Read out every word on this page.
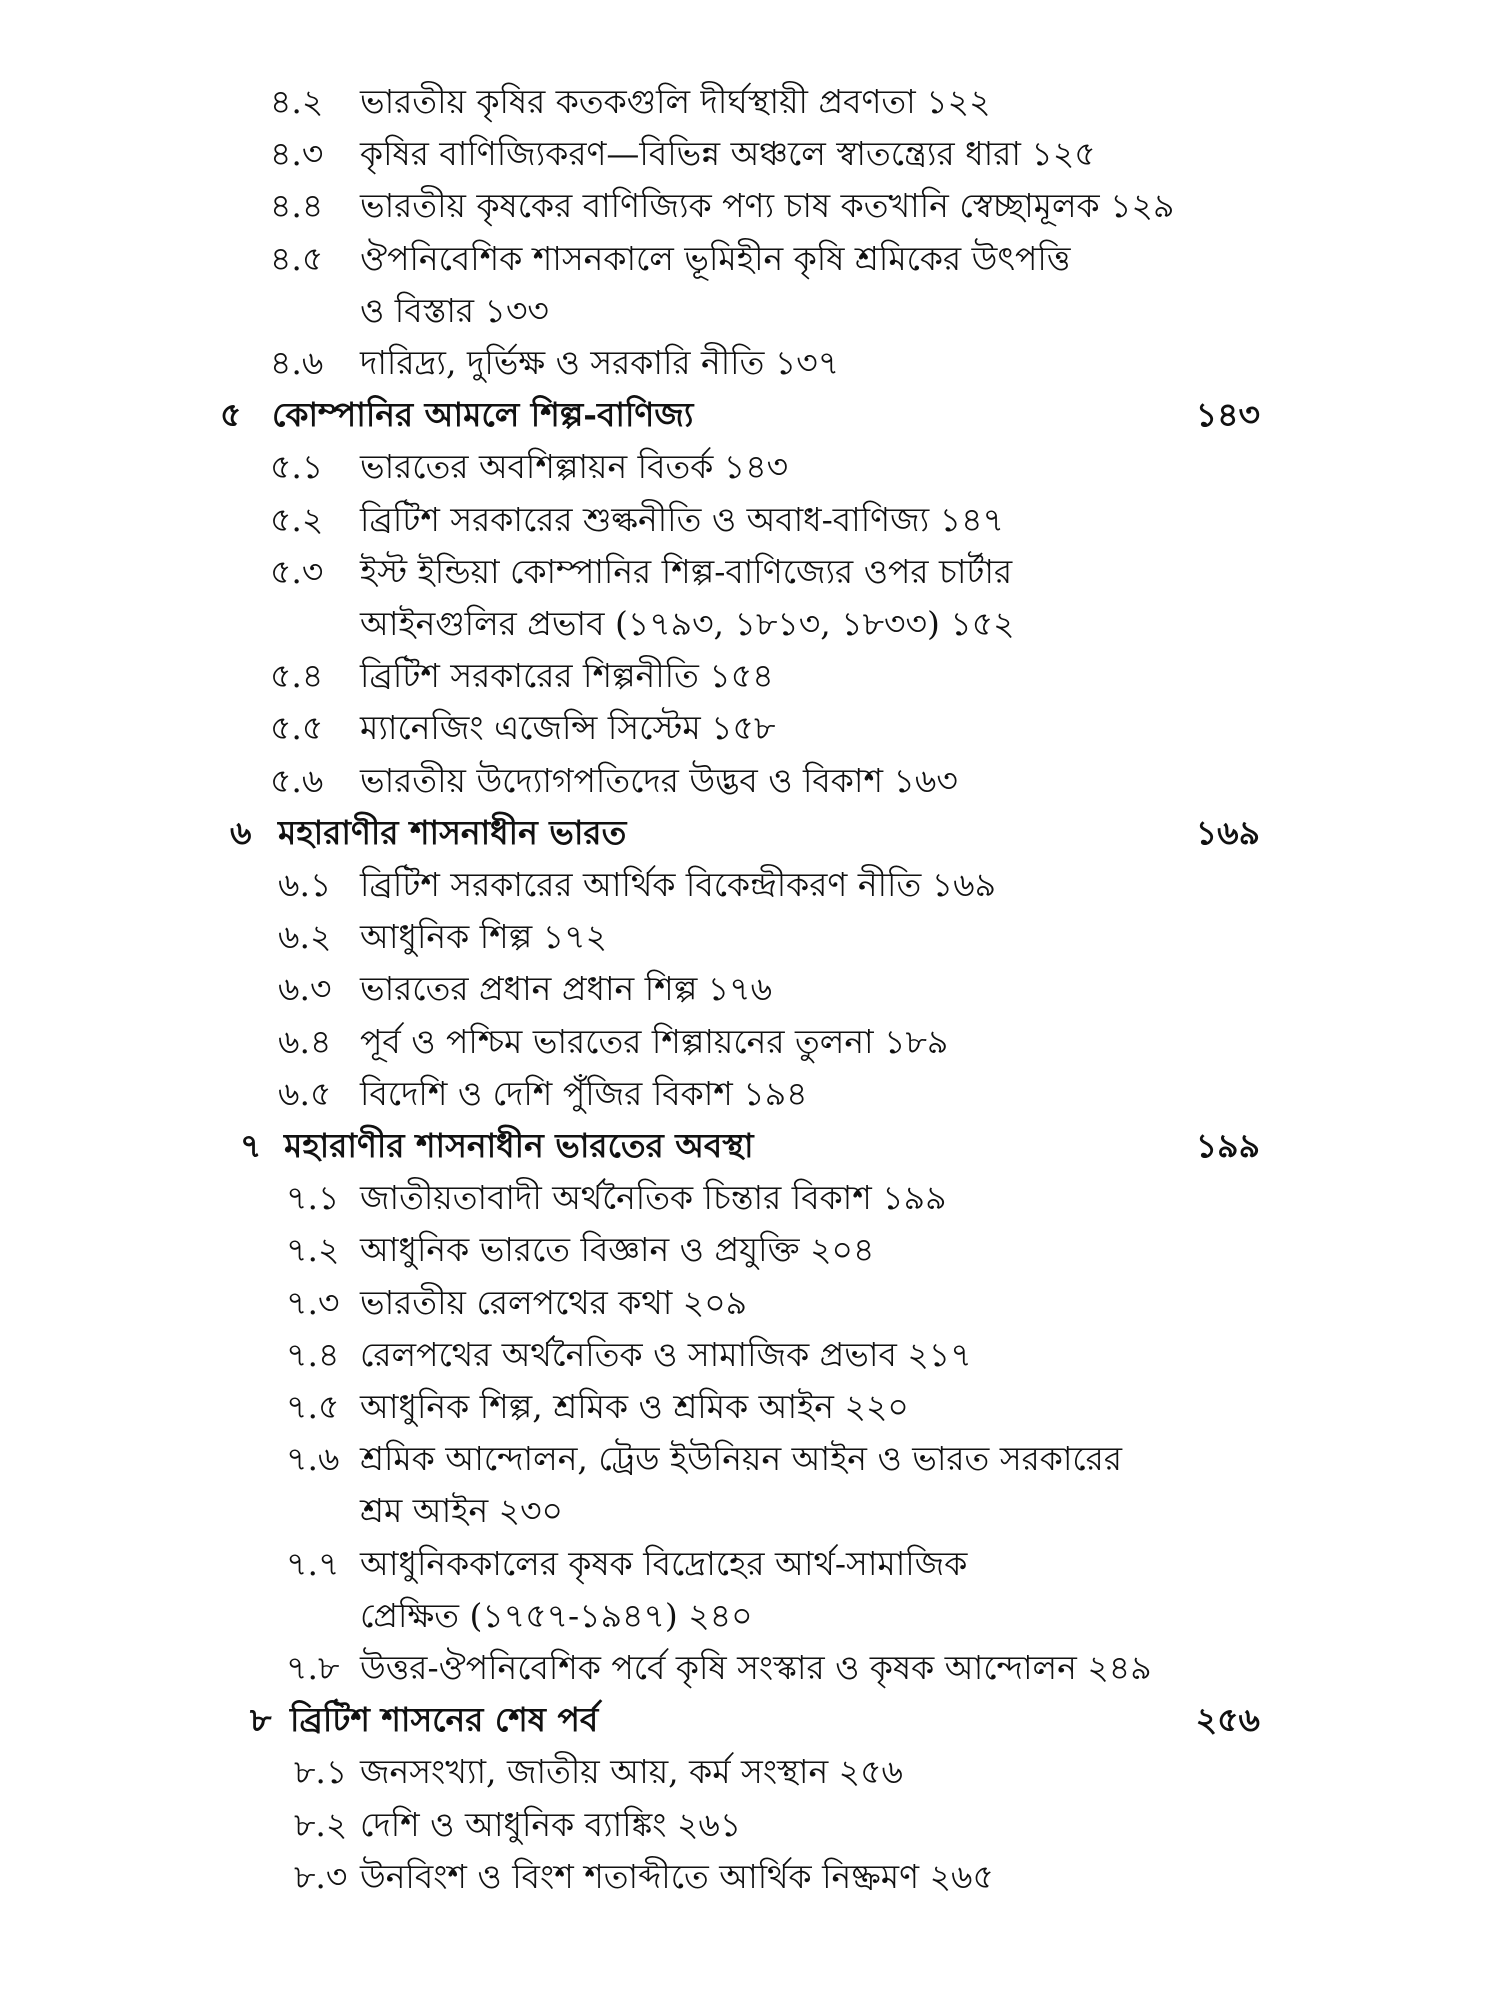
৪.২ ভারতীয় কৃষির কতকগুলি দীর্ঘস্থায়ী প্রবণতা ১২২
৪.৩ কৃষির বাণিজ্যিকরণ—বিভিন্ন অঞ্চলে স্বাতন্ত্র্যের ধারা ১২৫
৪.৪ ভারতীয় কৃষকের বাণিজ্যিক পণ্য চাষ কতখানি স্বেচ্ছামূলক ১২৯
৪.৫ ঔপনিবেশিক শাসনকালে ভূমিহীন কৃষি শ্রমিকের উৎপত্তি
ও বিস্তার ১৩৩
৪.৬ দারিদ্র্য, দুর্ভিক্ষ ও সরকারি নীতি ১৩৭
৫ কোম্পানির আমলে শিল্প-বাণিজ্য	১৪৩
৫.১ ভারতের অবশিল্পায়ন বিতর্ক ১৪৩
৫.২ ব্রিটিশ সরকারের শুল্কনীতি ও অবাধ-বাণিজ্য ১৪৭
৫.৩ ইস্ট ইন্ডিয়া কোম্পানির শিল্প-বাণিজ্যের ওপর চার্টার
আইনগুলির প্রভাব (১৭৯৩, ১৮১৩, ১৮৩৩) ১৫২
৫.৪ ব্রিটিশ সরকারের শিল্পনীতি ১৫৪
৫.৫ ম্যানেজিং এজেন্সি সিস্টেম ১৫৮
৫.৬ ভারতীয় উদ্যোগপতিদের উদ্ভব ও বিকাশ ১৬৩
৬ মহারাণীর শাসনাধীন ভারত	১৬৯
৬.১ ব্রিটিশ সরকারের আর্থিক বিকেন্দ্রীকরণ নীতি ১৬৯
৬.২ আধুনিক শিল্প ১৭২
৬.৩ ভারতের প্রধান প্রধান শিল্প ১৭৬
৬.৪ পূর্ব ও পশ্চিম ভারতের শিল্পায়নের তুলনা ১৮৯
৬.৫ বিদেশি ও দেশি পুঁজির বিকাশ ১৯৪
৭ মহারাণীর শাসনাধীন ভারতের অবস্থা	১৯৯
৭.১ জাতীয়তাবাদী অর্থনৈতিক চিন্তার বিকাশ ১৯৯
৭.২ আধুনিক ভারতে বিজ্ঞান ও প্রযুক্তি ২০৪
৭.৩ ভারতীয় রেলপথের কথা ২০৯
৭.৪ রেলপথের অর্থনৈতিক ও সামাজিক প্রভাব ২১৭
৭.৫ আধুনিক শিল্প, শ্রমিক ও শ্রমিক আইন ২২০
৭.৬ শ্রমিক আন্দোলন, ট্রেড ইউনিয়ন আইন ও ভারত সরকারের
শ্রম আইন ২৩০
৭.৭ আধুনিককালের কৃষক বিদ্রোহের আর্থ-সামাজিক
প্রেক্ষিত (১৭৫৭-১৯৪৭) ২৪০
৭.৮ উত্তর-ঔপনিবেশিক পর্বে কৃষি সংস্কার ও কৃষক আন্দোলন ২৪৯
৮ ব্রিটিশ শাসনের শেষ পর্ব	২৫৬
৮.১ জনসংখ্যা, জাতীয় আয়, কর্ম সংস্থান ২৫৬
৮.২ দেশি ও আধুনিক ব্যাঙ্কিং ২৬১
৮.৩ উনবিংশ ও বিংশ শতাব্দীতে আর্থিক নিষ্ক্রমণ ২৬৫
